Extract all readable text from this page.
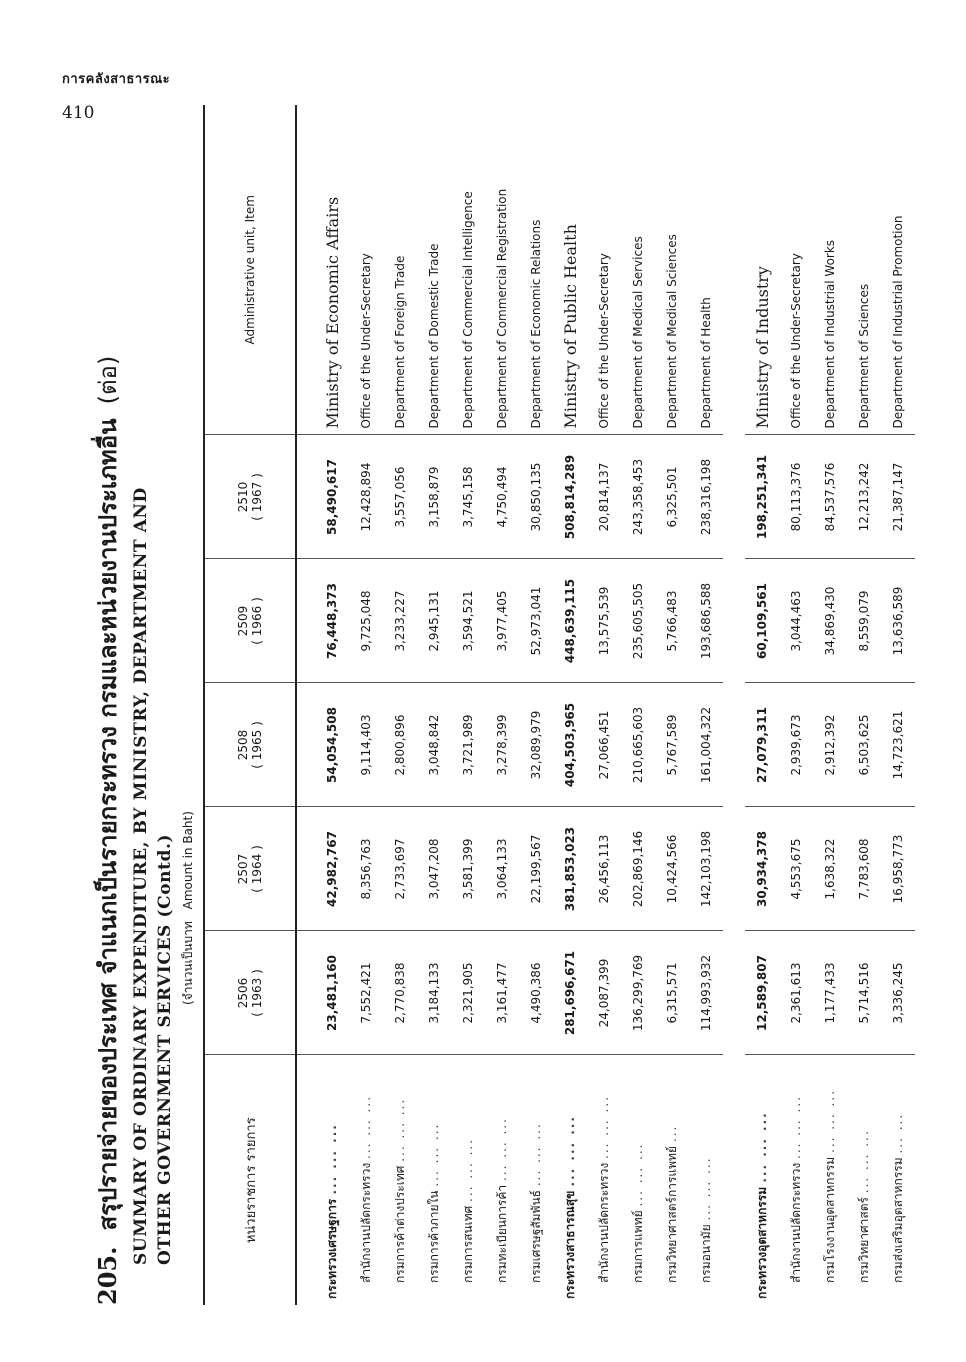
การคลังสาธารณะ
410
205.
สรุปรายจ่ายของประเทศ จำแนกเป็นรายกระทรวง กรมและหน่วยงานประเภทอื่น
(ต่อ)
SUMMARY OF ORDINARY EXPENDITURE, BY MINISTRY, DEPARTMENT AND OTHER GOVERNMENT SERVICES (Contd.) (จำนวนเป็นบาท Amount in Baht)
หน่วยราชการ รายการ	2506 ( 1963 )	2507 ( 1964 )	2508 ( 1965 )	2509 ( 1966 )	2510 ( 1967 )	Administrative unit, Item
กระทรวงเศรษฐการ ... ... ...	23,481,160	42,982,767	54,054,508	76,448,373	58,490,617	Ministry of Economic Affairs
สำนักงานปลัดกระทรวง ... ... ...	7,552,421	8,356,763	9,114,403	9,725,048	12,428,894	Office of the Under-Secretary
กรมการค้าต่างประเทศ ... ... ...	2,770,838	2,733,697	2,800,896	3,233,227	3,557,056	Department of Foreign Trade
กรมการค้าภายใน ... ... ...	3,184,133	3,047,208	3,048,842	2,945,131	3,158,879	Department of Domestic Trade
กรมการสนเทศ ... ... ...	2,321,905	3,581,399	3,721,989	3,594,521	3,745,158	Department of Commercial Intelligence
กรมทะเบียนการค้า ... ... ...	3,161,477	3,064,133	3,278,399	3,977,405	4,750,494	Department of Commercial Registration
กรมเศรษฐสัมพันธ์ ... ... ...	4,490,386	22,199,567	32,089,979	52,973,041	30,850,135	Department of Economic Relations
กระทรวงสาธารณสุข ... ... ...	281,696,671	381,853,023	404,503,965	448,639,115	508,814,289	Ministry of Public Health
สำนักงานปลัดกระทรวง ... ... ...	24,087,399	26,456,113	27,066,451	13,575,539	20,814,137	Office of the Under-Secretary
กรมการแพทย์ ... ... ...	136,299,769	202,869,146	210,665,603	235,605,505	243,358,453	Department of Medical Services
กรมวิทยาศาสตร์การแพทย์ ...	6,315,571	10,424,566	5,767,589	5,766,483	6,325,501	Department of Medical Sciences
กรมอนามัย ... ... ...	114,993,932	142,103,198	161,004,322	193,686,588	238,316,198	Department of Health

กระทรวงอุตสาหกรรม ... ... ...	12,589,807	30,934,378	27,079,311	60,109,561	198,251,341	Ministry of Industry
สำนักงานปลัดกระทรวง ... ... ...	2,361,613	4,553,675	2,939,673	3,044,463	80,113,376	Office of the Under-Secretary
กรมโรงงานอุตสาหกรรม ... ... ...	1,177,433	1,638,322	2,912,392	34,869,430	84,537,576	Department of Industrial Works
กรมวิทยาศาสตร์ ... ... ...	5,714,516	7,783,608	6,503,625	8,559,079	12,213,242	Department of Sciences
กรมส่งเสริมอุตสาหกรรม ... ...	3,336,245	16,958,773	14,723,621	13,636,589	21,387,147	Department of Industrial Promotion
